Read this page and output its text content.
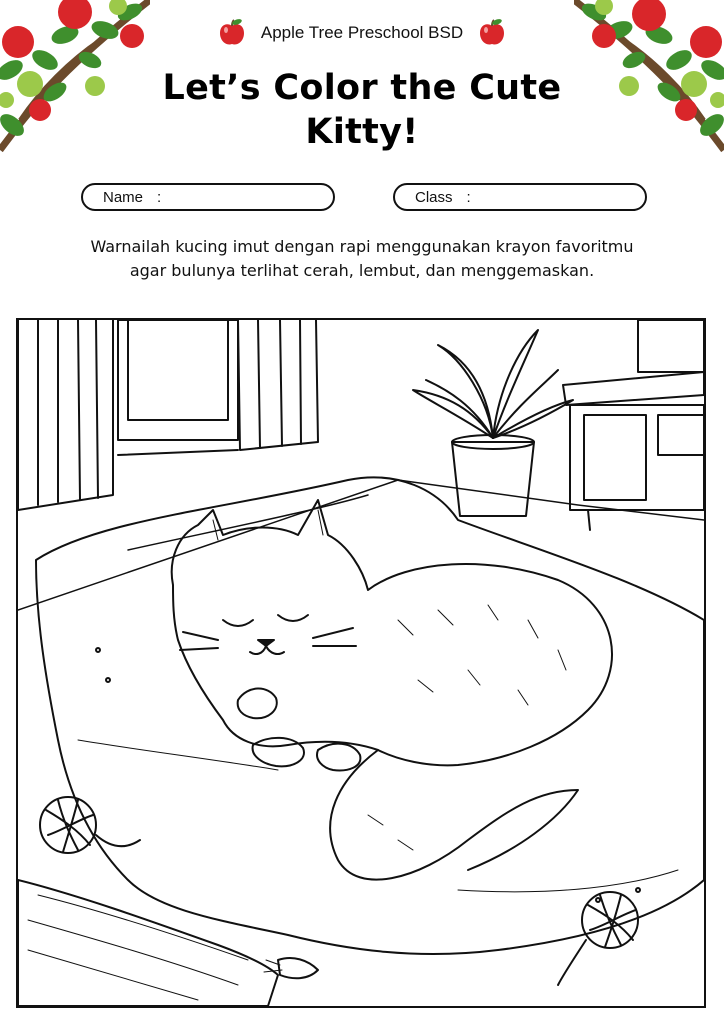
Apple Tree Preschool BSD
Let’s Color the Cute
Kitty!
Name :	Class :
Warnailah kucing imut dengan rapi menggunakan krayon favoritmu
agar bulunya terlihat cerah, lembut, dan menggemaskan.
